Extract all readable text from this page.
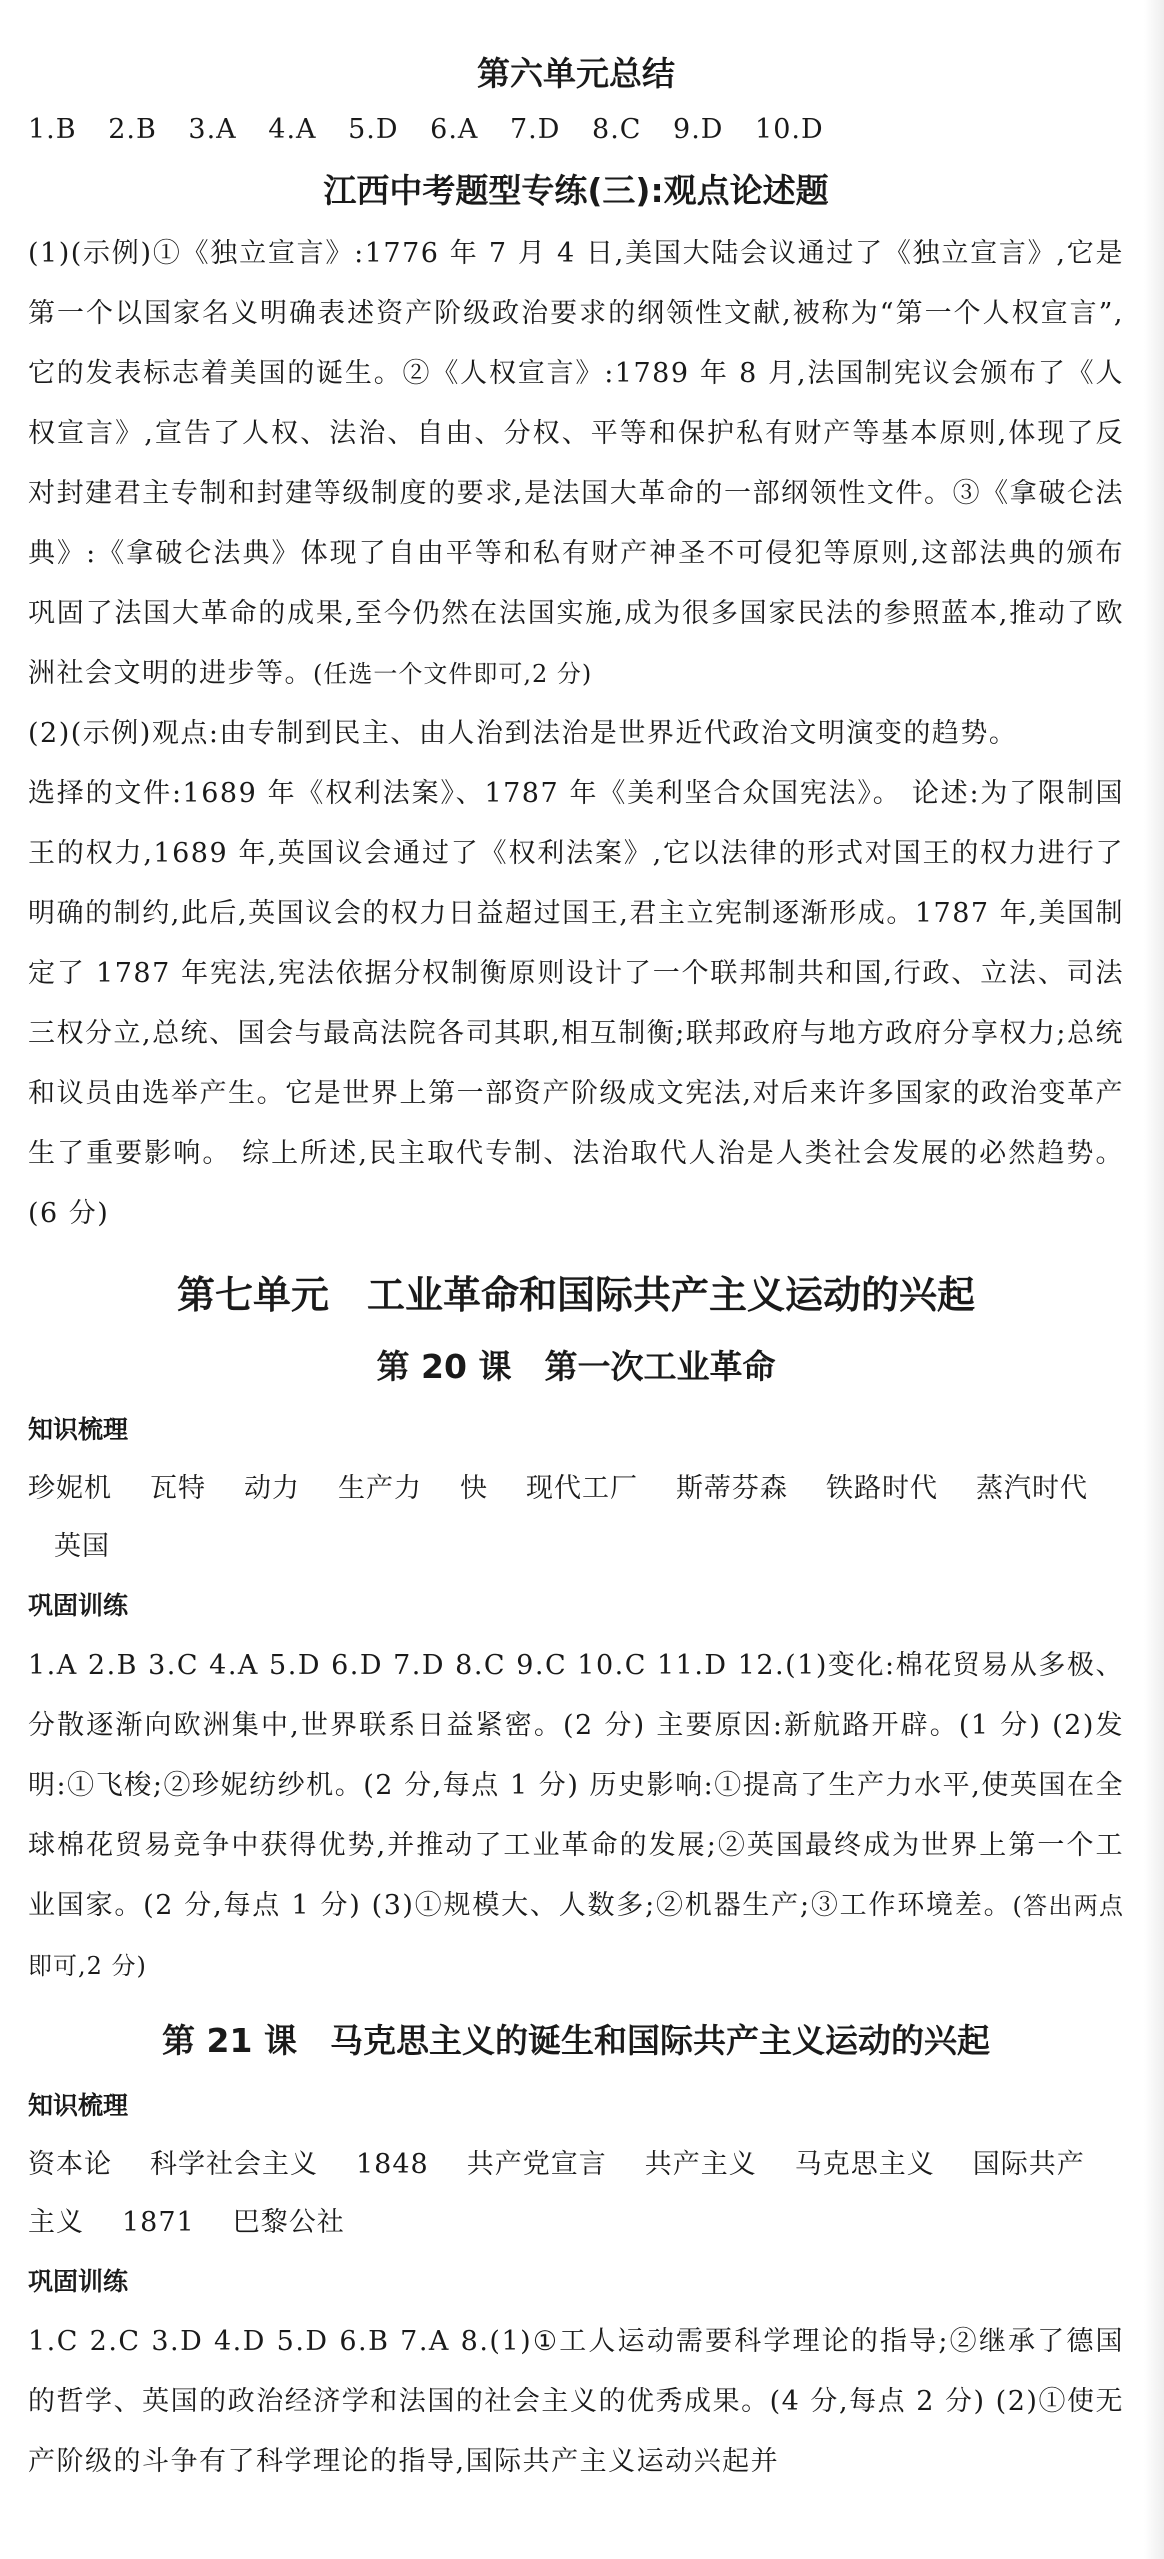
第六单元总结
1.B 2.B 3.A 4.A 5.D 6.A 7.D 8.C 9.D 10.D
江西中考题型专练(三):观点论述题

(1)(示例)①《独立宣言》:1776 年 7 月 4 日,美国大陆会议通过了《独立宣言》,它是第一个以国家名义明确表述资产阶级政治要求的纲领性文献,被称为“第一个人权宣言”,它的发表标志着美国的诞生。②《人权宣言》:1789 年 8 月,法国制宪议会颁布了《人权宣言》,宣告了人权、法治、自由、分权、平等和保护私有财产等基本原则,体现了反对封建君主专制和封建等级制度的要求,是法国大革命的一部纲领性文件。③《拿破仑法典》:《拿破仑法典》体现了自由平等和私有财产神圣不可侵犯等原则,这部法典的颁布巩固了法国大革命的成果,至今仍然在法国实施,成为很多国家民法的参照蓝本,推动了欧洲社会文明的进步等。(任选一个文件即可,2 分)

(2)(示例)观点:由专制到民主、由人治到法治是世界近代政治文明演变的趋势。

选择的文件:1689 年《权利法案》、1787 年《美利坚合众国宪法》。 论述:为了限制国王的权力,1689 年,英国议会通过了《权利法案》,它以法律的形式对国王的权力进行了明确的制约,此后,英国议会的权力日益超过国王,君主立宪制逐渐形成。1787 年,美国制定了 1787 年宪法,宪法依据分权制衡原则设计了一个联邦制共和国,行政、立法、司法三权分立,总统、国会与最高法院各司其职,相互制衡;联邦政府与地方政府分享权力;总统和议员由选举产生。它是世界上第一部资产阶级成文宪法,对后来许多国家的政治变革产生了重要影响。 综上所述,民主取代专制、法治取代人治是人类社会发展的必然趋势。(6 分)

第七单元　工业革命和国际共产主义运动的兴起
第 20 课　第一次工业革命

知识梳理

珍妮机 瓦特 动力 生产力 快 现代工厂 斯蒂芬森 铁路时代 蒸汽时代

英国

巩固训练

1.A 2.B 3.C 4.A 5.D 6.D 7.D 8.C 9.C 10.C 11.D 12.(1)变化:棉花贸易从多极、分散逐渐向欧洲集中,世界联系日益紧密。(2 分) 主要原因:新航路开辟。(1 分) (2)发明:①飞梭;②珍妮纺纱机。(2 分,每点 1 分) 历史影响:①提高了生产力水平,使英国在全球棉花贸易竞争中获得优势,并推动了工业革命的发展;②英国最终成为世界上第一个工业国家。(2 分,每点 1 分) (3)①规模大、人数多;②机器生产;③工作环境差。(答出两点即可,2 分)

第 21 课　马克思主义的诞生和国际共产主义运动的兴起

知识梳理

资本论 科学社会主义 1848 共产党宣言 共产主义 马克思主义 国际共产

主义 1871 巴黎公社

巩固训练

1.C 2.C 3.D 4.D 5.D 6.B 7.A 8.(1)①工人运动需要科学理论的指导;②继承了德国的哲学、英国的政治经济学和法国的社会主义的优秀成果。(4 分,每点 2 分) (2)①使无产阶级的斗争有了科学理论的指导,国际共产主义运动兴起并
